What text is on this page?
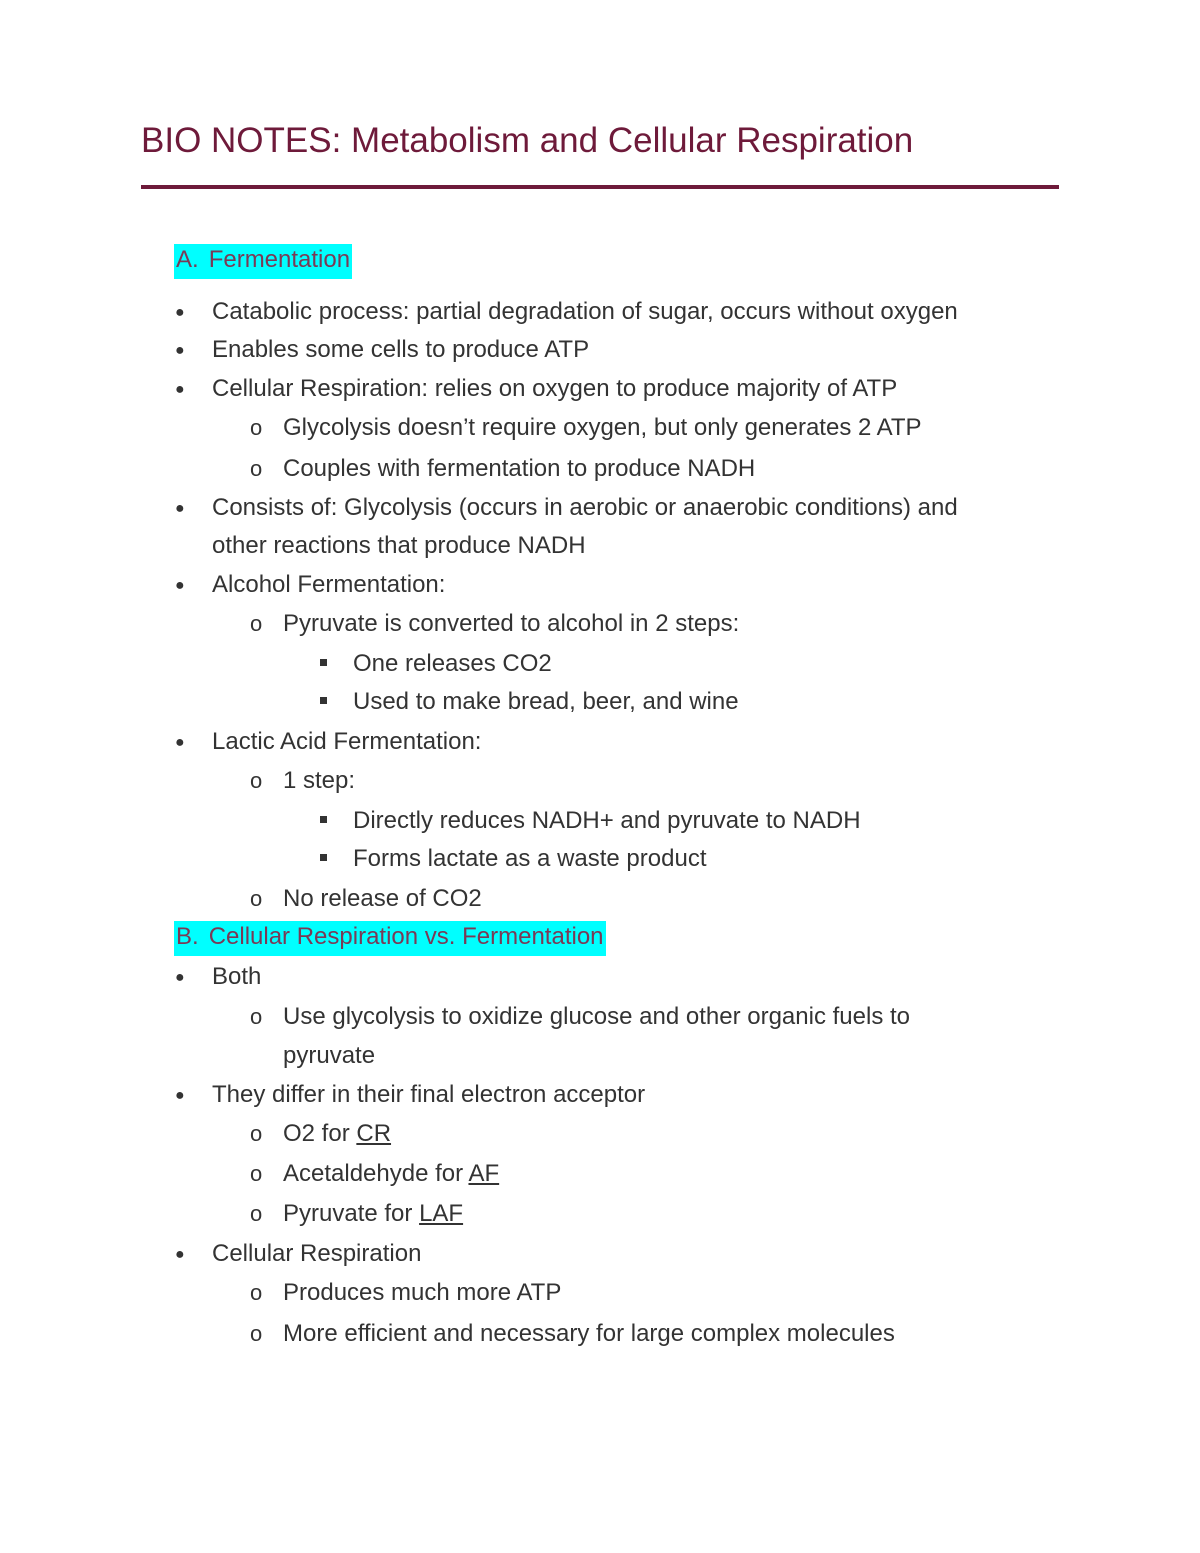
BIO NOTES: Metabolism and Cellular Respiration
A. Fermentation
● Catabolic process: partial degradation of sugar, occurs without oxygen
● Enables some cells to produce ATP
● Cellular Respiration: relies on oxygen to produce majority of ATP
o Glycolysis doesn’t require oxygen, but only generates 2 ATP
o Couples with fermentation to produce NADH
● Consists of: Glycolysis (occurs in aerobic or anaerobic conditions) and
other reactions that produce NADH
● Alcohol Fermentation:
o Pyruvate is converted to alcohol in 2 steps:
One releases CO2
Used to make bread, beer, and wine
● Lactic Acid Fermentation:
o 1 step:
Directly reduces NADH+ and pyruvate to NADH
Forms lactate as a waste product
o No release of CO2
B. Cellular Respiration vs. Fermentation
● Both
o Use glycolysis to oxidize glucose and other organic fuels to
pyruvate
● They differ in their final electron acceptor
o O2 for CR
o Acetaldehyde for AF
o Pyruvate for LAF
● Cellular Respiration
o Produces much more ATP
o More efficient and necessary for large complex molecules
